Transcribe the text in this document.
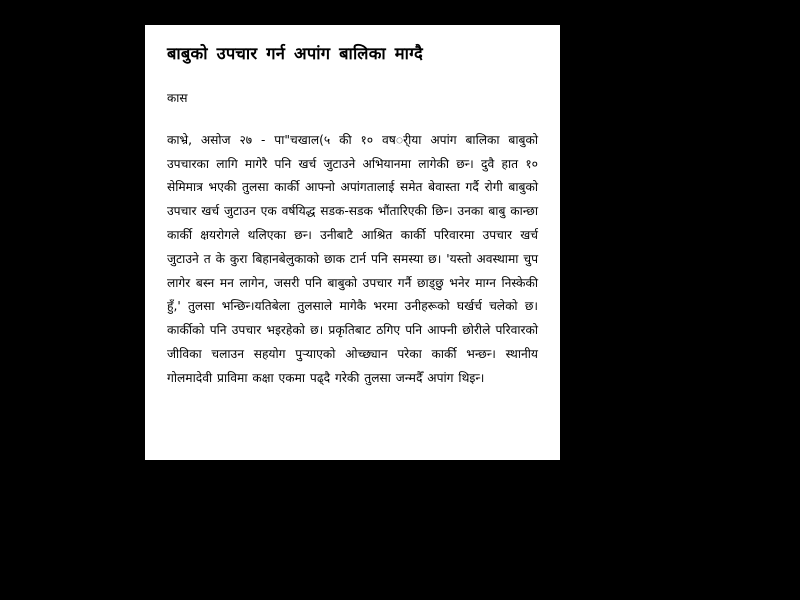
बाबुको उपचार गर्न अपांग बालिका माग्दै
कास

काभ्रे, असोज २७ - पा"चखाल(५ की १० वषर्ीया अपांग बालिका बाबुको उपचारका लागि मागेरै पनि खर्च जुटाउने अभियानमा लागेकी छन्‍। दुवै हात १० सेमिमात्र भएकी तुलसा कार्की आफ्नो अपांगतालाई समेत बेवास्ता गर्दै रोगी बाबुको उपचार खर्च जुटाउन एक वर्षयिद्ध सडक-सडक भौंतारिएकी छिन्‍। उनका बाबु कान्छा कार्की क्षयरोगले थलिएका छन्‍। उनीबाटै आश्रित कार्की परिवारमा उपचार खर्च जुटाउने त के कुरा बिहानबेलुकाको छाक टार्न पनि समस्या छ। 'यस्तो अवस्थामा चुप लागेर बस्न मन लागेन, जसरी पनि बाबुको उपचार गर्नै छाड्छु भनेर माग्न निस्केकी हुँ,' तुलसा भन्छिन्‍।यतिबेला तुलसाले मागेकै भरमा उनीहरूको घर्खर्च चलेको छ। कार्कीको पनि उपचार भइरहेको छ। प्रकृतिबाट ठगिए पनि आफ्नी छोरीले परिवारको जीविका चलाउन सहयोग पुर्‍याएको ओच्छ्यान परेका कार्की भन्छन्‍। स्थानीय गोलमादेवी प्रावि‍मा कक्षा एकमा पढ्दै गरेकी तुलसा जन्मदैँ अपांग थिइन्‍।
